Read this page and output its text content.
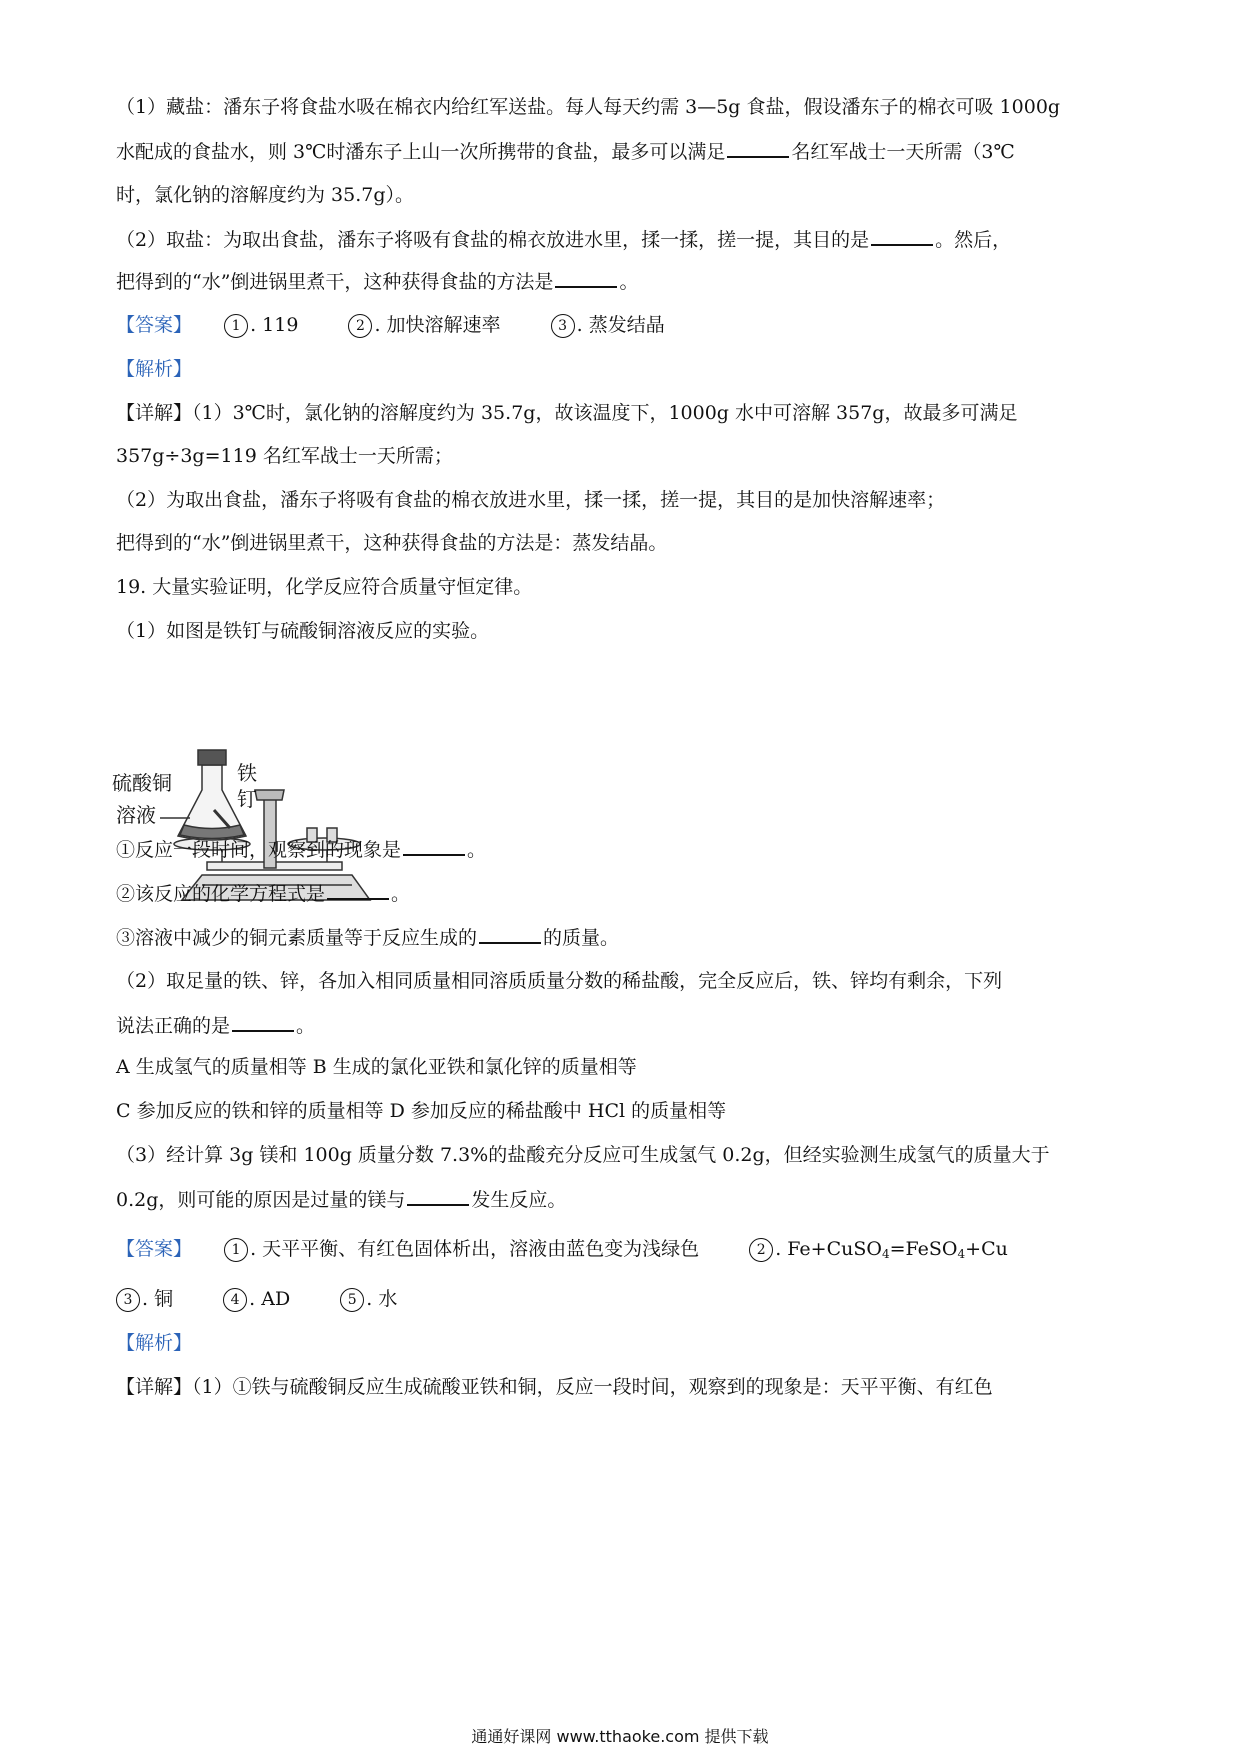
（1）藏盐：潘东子将食盐水吸在棉衣内给红军送盐。每人每天约需 3—5g 食盐，假设潘东子的棉衣可吸 1000g
水配成的食盐水，则 3℃时潘东子上山一次所携带的食盐，最多可以满足	名红军战士一天所需（3℃
时，氯化钠的溶解度约为 35.7g）。
（2）取盐：为取出食盐，潘东子将吸有食盐的棉衣放进水里，揉一揉，搓一提，其目的是	。然后，
把得到的“水”倒进锅里煮干，这种获得食盐的方法是	。
【答案】	1 . 119	2 . 加快溶解速率	3 . 蒸发结晶
【解析】
【详解】（1）3℃时，氯化钠的溶解度约为 35.7g，故该温度下，1000g 水中可溶解 357g，故最多可满足
357g÷3g=119 名红军战士一天所需；
（2）为取出食盐，潘东子将吸有食盐的棉衣放进水里，揉一揉，搓一提，其目的是加快溶解速率；
把得到的“水”倒进锅里煮干，这种获得食盐的方法是：蒸发结晶。
19. 大量实验证明，化学反应符合质量守恒定律。
（1）如图是铁钉与硫酸铜溶液反应的实验。
硫酸铜
溶液
铁
钉
①反应一段时间，观察到的现象是	。
②该反应的化学方程式是	。
③溶液中减少的铜元素质量等于反应生成的	的质量。
（2）取足量的铁、锌，各加入相同质量相同溶质质量分数的稀盐酸，完全反应后，铁、锌均有剩余，下列
说法正确的是	。
A 生成氢气的质量相等 B 生成的氯化亚铁和氯化锌的质量相等
C 参加反应的铁和锌的质量相等 D 参加反应的稀盐酸中 HCl 的质量相等
（3）经计算 3g 镁和 100g 质量分数 7.3%的盐酸充分反应可生成氢气 0.2g，但经实验测生成氢气的质量大于
0.2g，则可能的原因是过量的镁与	发生反应。
【答案】	1 . 天平平衡、有红色固体析出，溶液由蓝色变为浅绿色	2 . Fe+CuSO$_4$=FeSO$_4$+Cu
3 . 铜	4 . AD	5 . 水
【解析】
【详解】（1）①铁与硫酸铜反应生成硫酸亚铁和铜，反应一段时间，观察到的现象是：天平平衡、有红色
通通好课网 www.tthaoke.com 提供下载
